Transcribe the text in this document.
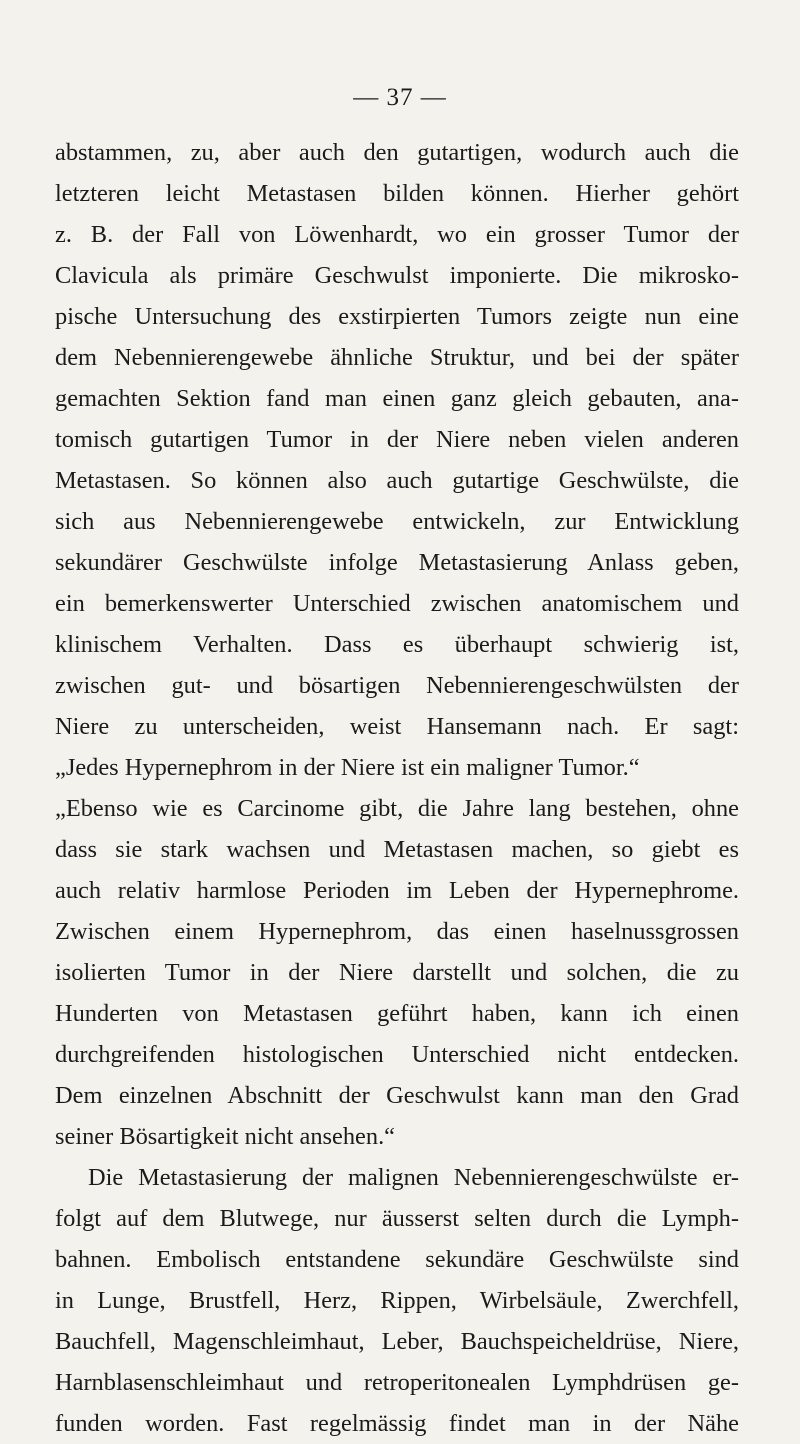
— 37 —
abstammen, zu, aber auch den gutartigen, wodurch auch die
letzteren leicht Metastasen bilden können. Hierher gehört
z. B. der Fall von Löwenhardt, wo ein grosser Tumor der
Clavicula als primäre Geschwulst imponierte. Die mikrosko-
pische Untersuchung des exstirpierten Tumors zeigte nun eine
dem Nebennierengewebe ähnliche Struktur, und bei der später
gemachten Sektion fand man einen ganz gleich gebauten, ana-
tomisch gutartigen Tumor in der Niere neben vielen anderen
Metastasen. So können also auch gutartige Geschwülste, die
sich aus Nebennierengewebe entwickeln, zur Entwicklung
sekundärer Geschwülste infolge Metastasierung Anlass geben,
ein bemerkenswerter Unterschied zwischen anatomischem und
klinischem Verhalten. Dass es überhaupt schwierig ist,
zwischen gut- und bösartigen Nebennierengeschwülsten der
Niere zu unterscheiden, weist Hansemann nach. Er sagt:
„Jedes Hypernephrom in der Niere ist ein maligner Tumor.“
„Ebenso wie es Carcinome gibt, die Jahre lang bestehen, ohne
dass sie stark wachsen und Metastasen machen, so giebt es
auch relativ harmlose Perioden im Leben der Hypernephrome.
Zwischen einem Hypernephrom, das einen haselnussgrossen
isolierten Tumor in der Niere darstellt und solchen, die zu
Hunderten von Metastasen geführt haben, kann ich einen
durchgreifenden histologischen Unterschied nicht entdecken.
Dem einzelnen Abschnitt der Geschwulst kann man den Grad
seiner Bösartigkeit nicht ansehen.“
Die Metastasierung der malignen Nebennierengeschwülste er-
folgt auf dem Blutwege, nur äusserst selten durch die Lymph-
bahnen. Embolisch entstandene sekundäre Geschwülste sind
in Lunge, Brustfell, Herz, Rippen, Wirbelsäule, Zwerchfell,
Bauchfell, Magenschleimhaut, Leber, Bauchspeicheldrüse, Niere,
Harnblasenschleimhaut und retroperitonealen Lymphdrüsen ge-
funden worden. Fast regelmässig findet man in der Nähe
